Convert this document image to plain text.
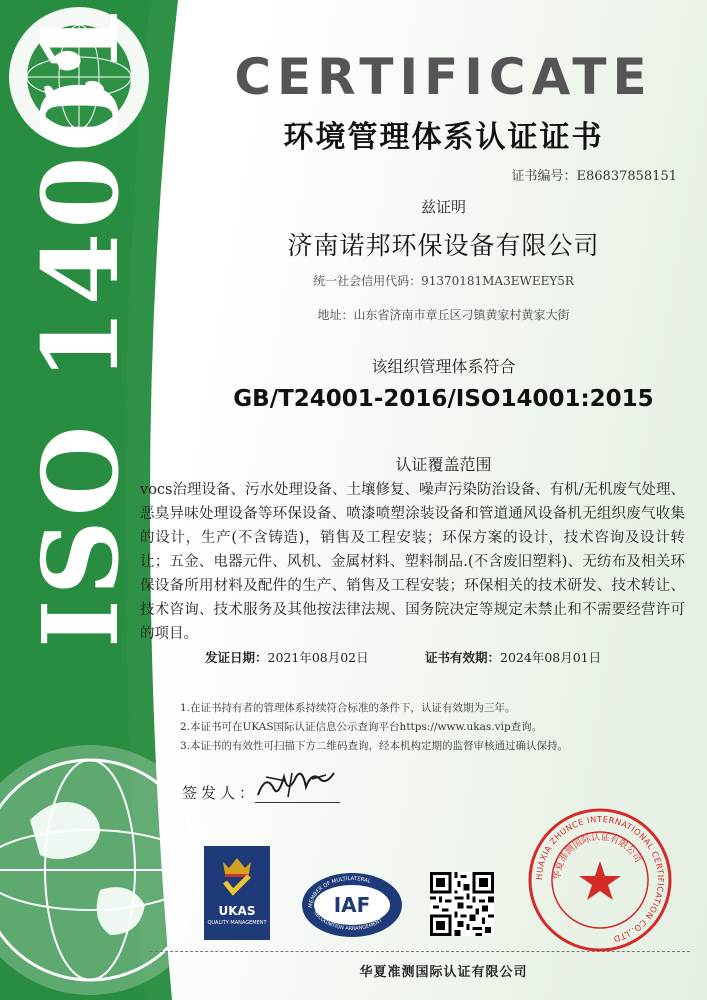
ISO 14001	CERTIFICATE
环境管理体系认证证书
证书编号：E86837858151
兹证明
济南诺邦环保设备有限公司
统一社会信用代码：91370181MA3EWEEY5R
地址：山东省济南市章丘区刁镇黄家村黄家大街
该组织管理体系符合
GB/T24001-2016/ISO14001:2015
认证覆盖范围
vocs治理设备、污水处理设备、土壤修复、噪声污染防治设备、有机/无机废气处理、恶臭异味处理设备等环保设备、喷漆喷塑涂装设备和管道通风设备机无组织废气收集的设计，生产(不含铸造)，销售及工程安装；环保方案的设计，技术咨询及设计转让；五金、电器元件、风机、金属材料、塑料制品.(不含废旧塑料)、无纺布及相关环保设备所用材料及配件的生产、销售及工程安装；环保相关的技术研发、技术转让、技术咨询、技术服务及其他按法律法规、国务院决定等规定未禁止和不需要经营许可的项目。
发证日期：2021年08月02日	证书有效期：2024年08月01日
1.在证书持有者的管理体系持续符合标准的条件下，认证有效期为三年。
2.本证书可在UKAS国际认证信息公示查询平台https://www.ukas.vip查询。
3.本证书的有效性可扫描下方二维码查询，经本机构定期的监督审核通过确认保持。
签发人：
HUAXIA ZHUNCE INTERNATIONAL CERTIFICATION CO.,LTD
华夏准测国际认证有限公司
UKAS
QUALITY MANAGEMENT
MEMBER OF MULTILATERAL
RECOGNITION ARRANGEMENT
IAF
华夏准测国际认证有限公司
